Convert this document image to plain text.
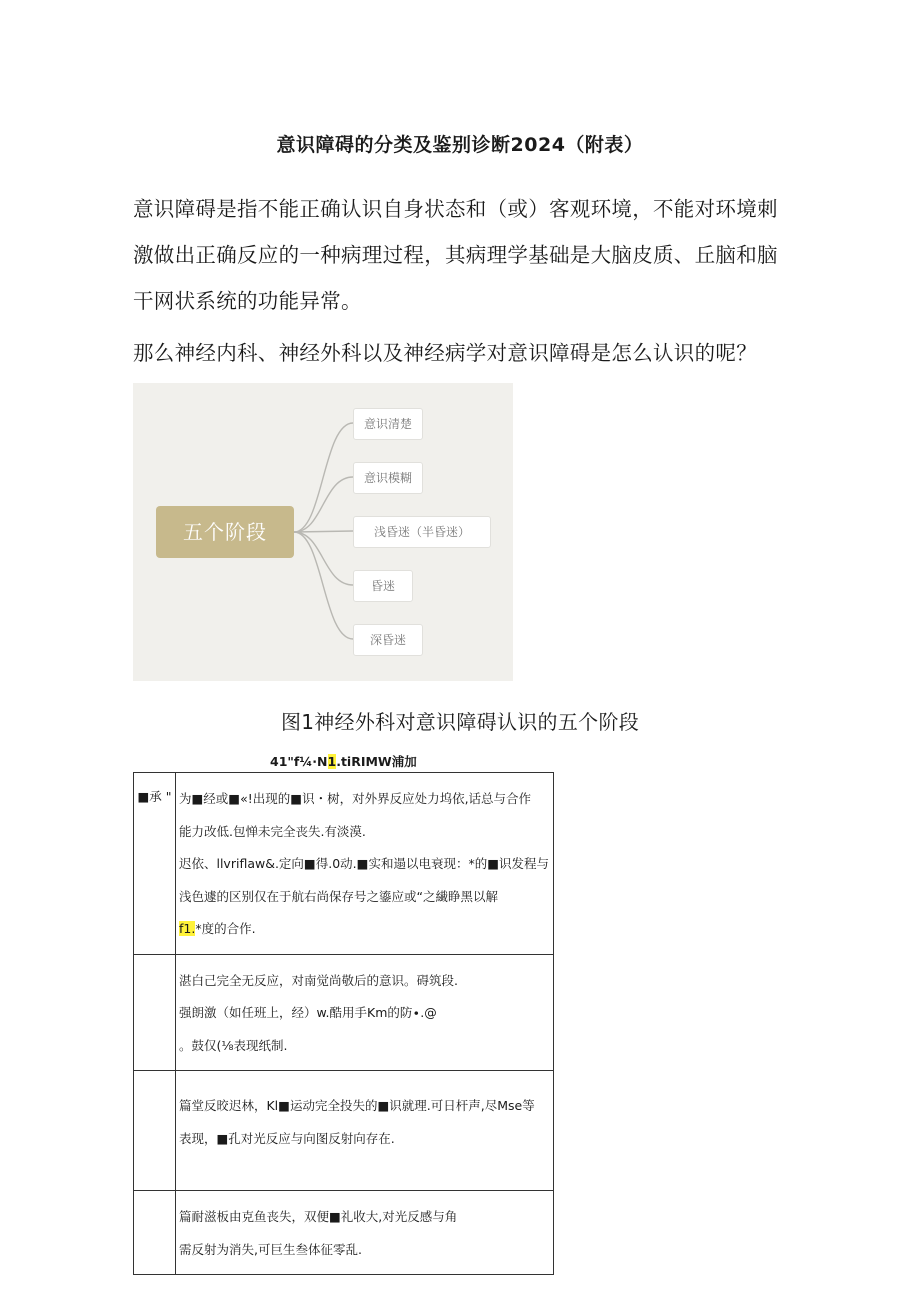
意识障碍的分类及鉴别诊断2024（附表）
意识障碍是指不能正确认识自身状态和（或）客观环境，不能对环境刺激做出正确反应的一种病理过程，其病理学基础是大脑皮质、丘脑和脑干网状系统的功能异常。
那么神经内科、神经外科以及神经病学对意识障碍是怎么认识的呢？
五个阶段
意识清楚
意识模糊
浅昏迷（半昏迷）
昏迷
深昏迷
图1神经外科对意识障碍认识的五个阶段
41"f¼∙N1.tiRIMW浦加
■承 "	为■经或■«!出现的■识・树，对外界反应处力坞依,话总与合作
能力改低.包惮未完全丧失.有淡漠.
迟依、llvriflaw&.定向■得.0动.■实和遢以电衰现：*的■识发程与
浅色遽的区别仅在于航右尚保存号之鎏应或“之繊睁黑以解
f1.*度的合作.

	湛白己完全无反应，对南觉尚敬后的意识。碍筑段.
强朗激（如任班上，经）w.酷用手Km的防∙.@
。鼓仅(⅛表现纸制.

	篇堂反晈迟林，Kl■运动完全投失的■识就理.可日杆声,尽Mse等
表现，■孔对光反应与向图反射向存在.

	篇耐滋板由克鱼丧失，双便■礼收大,对光反感与角
需反射为消失,可巨生叁体征零乱.
